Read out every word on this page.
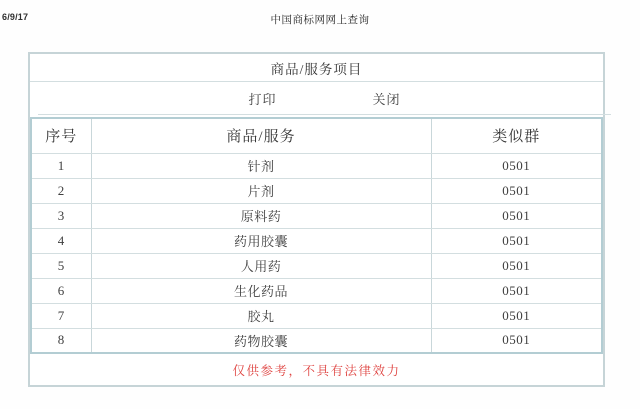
6/9/17	中国商标网网上查询
商品/服务项目
打印	关闭
序号	商品/服务	类似群
1	针剂	0501
2	片剂	0501
3	原料药	0501
4	药用胶囊	0501
5	人用药	0501
6	生化药品	0501
7	胶丸	0501
8	药物胶囊	0501
仅供参考，不具有法律效力
